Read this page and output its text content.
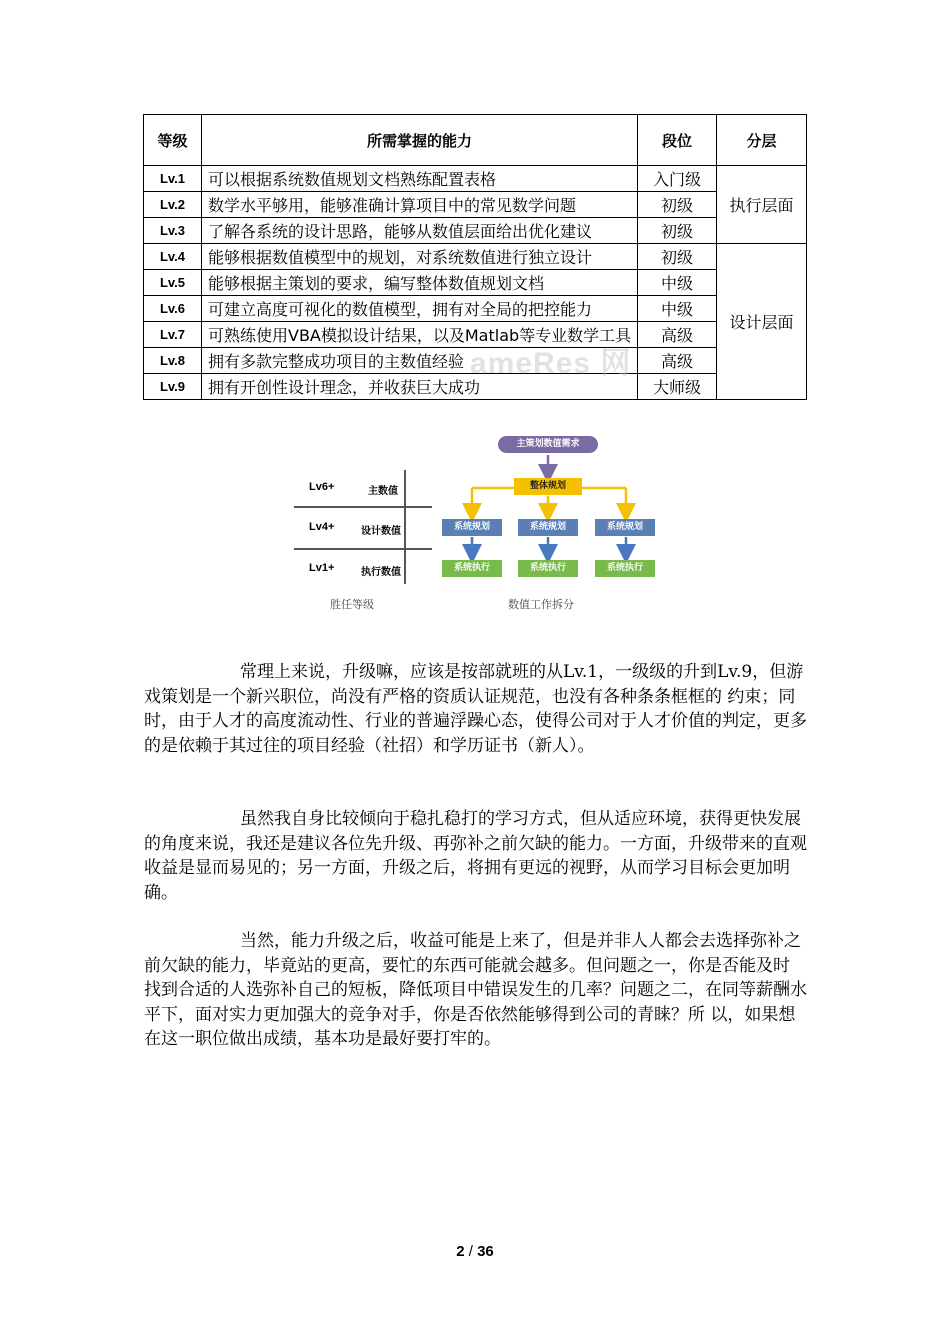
等级	所需掌握的能力	段位	分层
Lv.1	可以根据系统数值规划文档熟练配置表格	入门级	执行层面
Lv.2	数学水平够用，能够准确计算项目中的常见数学问题	初级	
Lv.3	了解各系统的设计思路，能够从数值层面给出优化建议	初级	
Lv.4	能够根据数值模型中的规划，对系统数值进行独立设计	初级	设计层面
Lv.5	能够根据主策划的要求，编写整体数值规划文档	中级	
Lv.6	可建立高度可视化的数值模型，拥有对全局的把控能力	中级	
Lv.7	可熟练使用VBA模拟设计结果，以及Matlab等专业数学工具	高级	
Lv.8	拥有多款完整成功项目的主数值经验	高级	
Lv.9	拥有开创性设计理念，并收获巨大成功	大师级	
ameRes 网
Lv6+	主数值
Lv4+	设计数值
Lv1+	执行数值
主策划数值需求
整体规划
系统规划	系统规划	系统规划
系统执行	系统执行	系统执行
胜任等级	数值工作拆分

常理上来说，升级嘛，应该是按部就班的从Lv.1，一级级的升到Lv.9，但游戏策划是一个新兴职位，尚没有严格的资质认证规范，也没有各种条条框框的 约束；同时，由于人才的高度流动性、行业的普遍浮躁心态，使得公司对于人才价值的判定，更多的是依赖于其过往的项目经验（社招）和学历证书（新人）。

虽然我自身比较倾向于稳扎稳打的学习方式，但从适应环境，获得更快发展的角度来说，我还是建议各位先升级、再弥补之前欠缺的能力。一方面，升级带来的直观收益是显而易见的；另一方面，升级之后，将拥有更远的视野，从而学习目标会更加明确。

当然，能力升级之后，收益可能是上来了，但是并非人人都会去选择弥补之前欠缺的能力，毕竟站的更高，要忙的东西可能就会越多。但问题之一，你是否能及时 找到合适的人选弥补自己的短板，降低项目中错误发生的几率？问题之二，在同等薪酬水平下，面对实力更加强大的竞争对手，你是否依然能够得到公司的青睐？所 以，如果想在这一职位做出成绩，基本功是最好要打牢的。

2 / 36
